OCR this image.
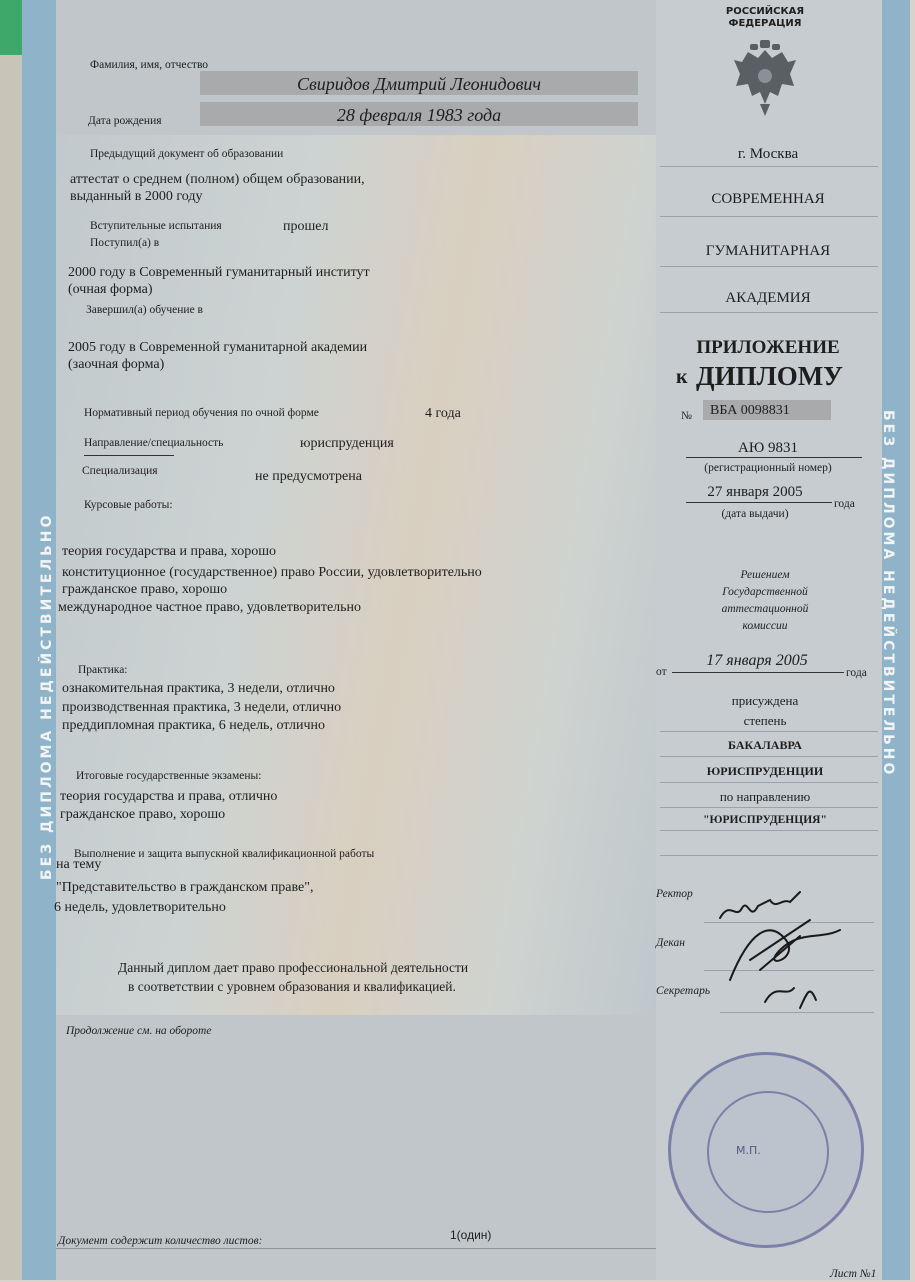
БЕЗ ДИПЛОМА НЕДЕЙСТВИТЕЛЬНО	БЕЗ ДИПЛОМА НЕДЕЙСТВИТЕЛЬНО
Фамилия, имя, отчество
Свиридов Дмитрий Леонидович
Дата рождения	28 февраля 1983 года
Предыдущий документ об образовании
аттестат о среднем (полном) общем образовании,
выданный в 2000 году
Вступительные испытания	прошел
Поступил(а) в
2000 году в Современный гуманитарный институт
(очная форма)
Завершил(а) обучение в
2005 году в Современной гуманитарной академии
(заочная форма)
Нормативный период обучения по очной форме	4 года
Направление/специальность	юриспруденция
Специализация	не предусмотрена
Курсовые работы:
теория государства и права, хорошо
конституционное (государственное) право России, удовлетворительно
гражданское право, хорошо
международное частное право, удовлетворительно
Практика:
ознакомительная практика, 3 недели, отлично
производственная практика, 3 недели, отлично
преддипломная практика, 6 недель, отлично
Итоговые государственные экзамены:
теория государства и права, отлично
гражданское право, хорошо
Выполнение и защита выпускной квалификационной работы
на тему
"Представительство в гражданском праве",
6 недель, удовлетворительно
Данный диплом дает право профессиональной деятельности
в соответствии с уровнем образования и квалификацией.
Продолжение см. на обороте
Документ содержит количество листов:	1(один)
РОССИЙСКАЯ
ФЕДЕРАЦИЯ
г. Москва
СОВРЕМЕННАЯ
ГУМАНИТАРНАЯ
АКАДЕМИЯ
ПРИЛОЖЕНИЕ
к ДИПЛОМУ
№ ВБА 0098831
АЮ 9831
(регистрационный номер)
27 января 2005
года
(дата выдачи)
Решением
Государственной
аттестационной
комиссии
от
17 января 2005
года
присуждена
степень
БАКАЛАВРА
ЮРИСПРУДЕНЦИИ
по направлению
"ЮРИСПРУДЕНЦИЯ"
Ректор
Декан
Секретарь
М.П.
Лист №1
